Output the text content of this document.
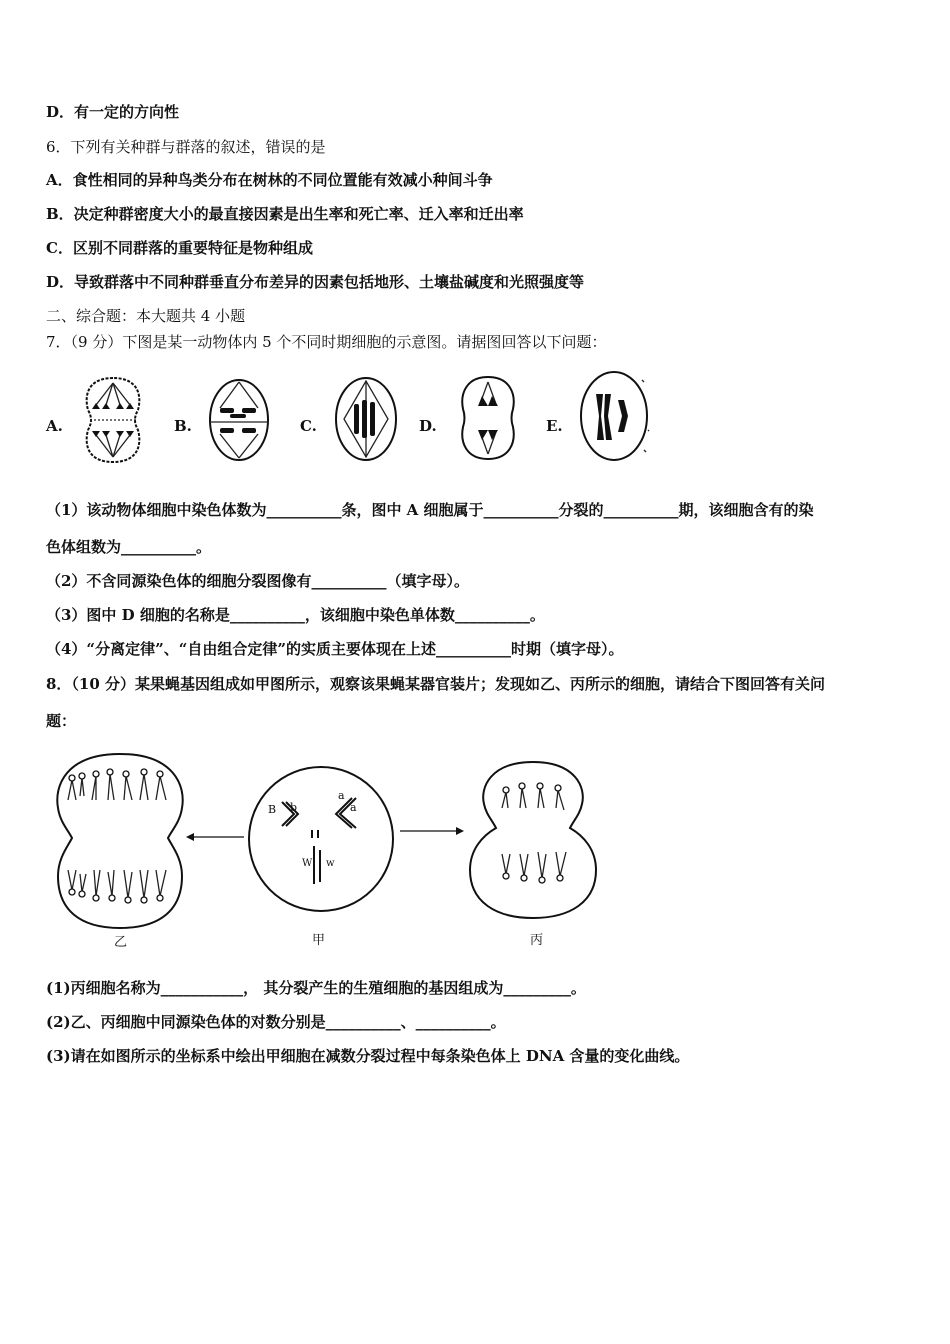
D．有一定的方向性
6．下列有关种群与群落的叙述，错误的是
A．食性相同的异种鸟类分布在树林的不同位置能有效减小种间斗争
B．决定种群密度大小的最直接因素是出生率和死亡率、迁入率和迁出率
C．区别不同群落的重要特征是物种组成
D．导致群落中不同种群垂直分布差异的因素包括地形、土壤盐碱度和光照强度等
二、综合题：本大题共 4 小题
7．（9 分）下图是某一动物体内 5 个不同时期细胞的示意图。请据图回答以下问题：
A.	B.	C.	D.	E.
（1）该动物体细胞中染色体数为__________条，图中 A 细胞属于__________分裂的__________期，该细胞含有的染
色体组数为__________。
（2）不含同源染色体的细胞分裂图像有__________（填字母）。
（3）图中 D 细胞的名称是__________，该细胞中染色单体数__________。
（4）“分离定律”、“自由组合定律”的实质主要体现在上述__________时期（填字母）。
8．（10 分）某果蝇基因组成如甲图所示，观察该果蝇某器官装片；发现如乙、丙所示的细胞，请结合下图回答有关问
题：
B b
a
a
W w
乙	甲	丙
(1)丙细胞名称为___________， 其分裂产生的生殖细胞的基因组成为_________。
(2)乙、丙细胞中同源染色体的对数分别是__________、__________。
(3)请在如图所示的坐标系中绘出甲细胞在减数分裂过程中每条染色体上 DNA 含量的变化曲线。
